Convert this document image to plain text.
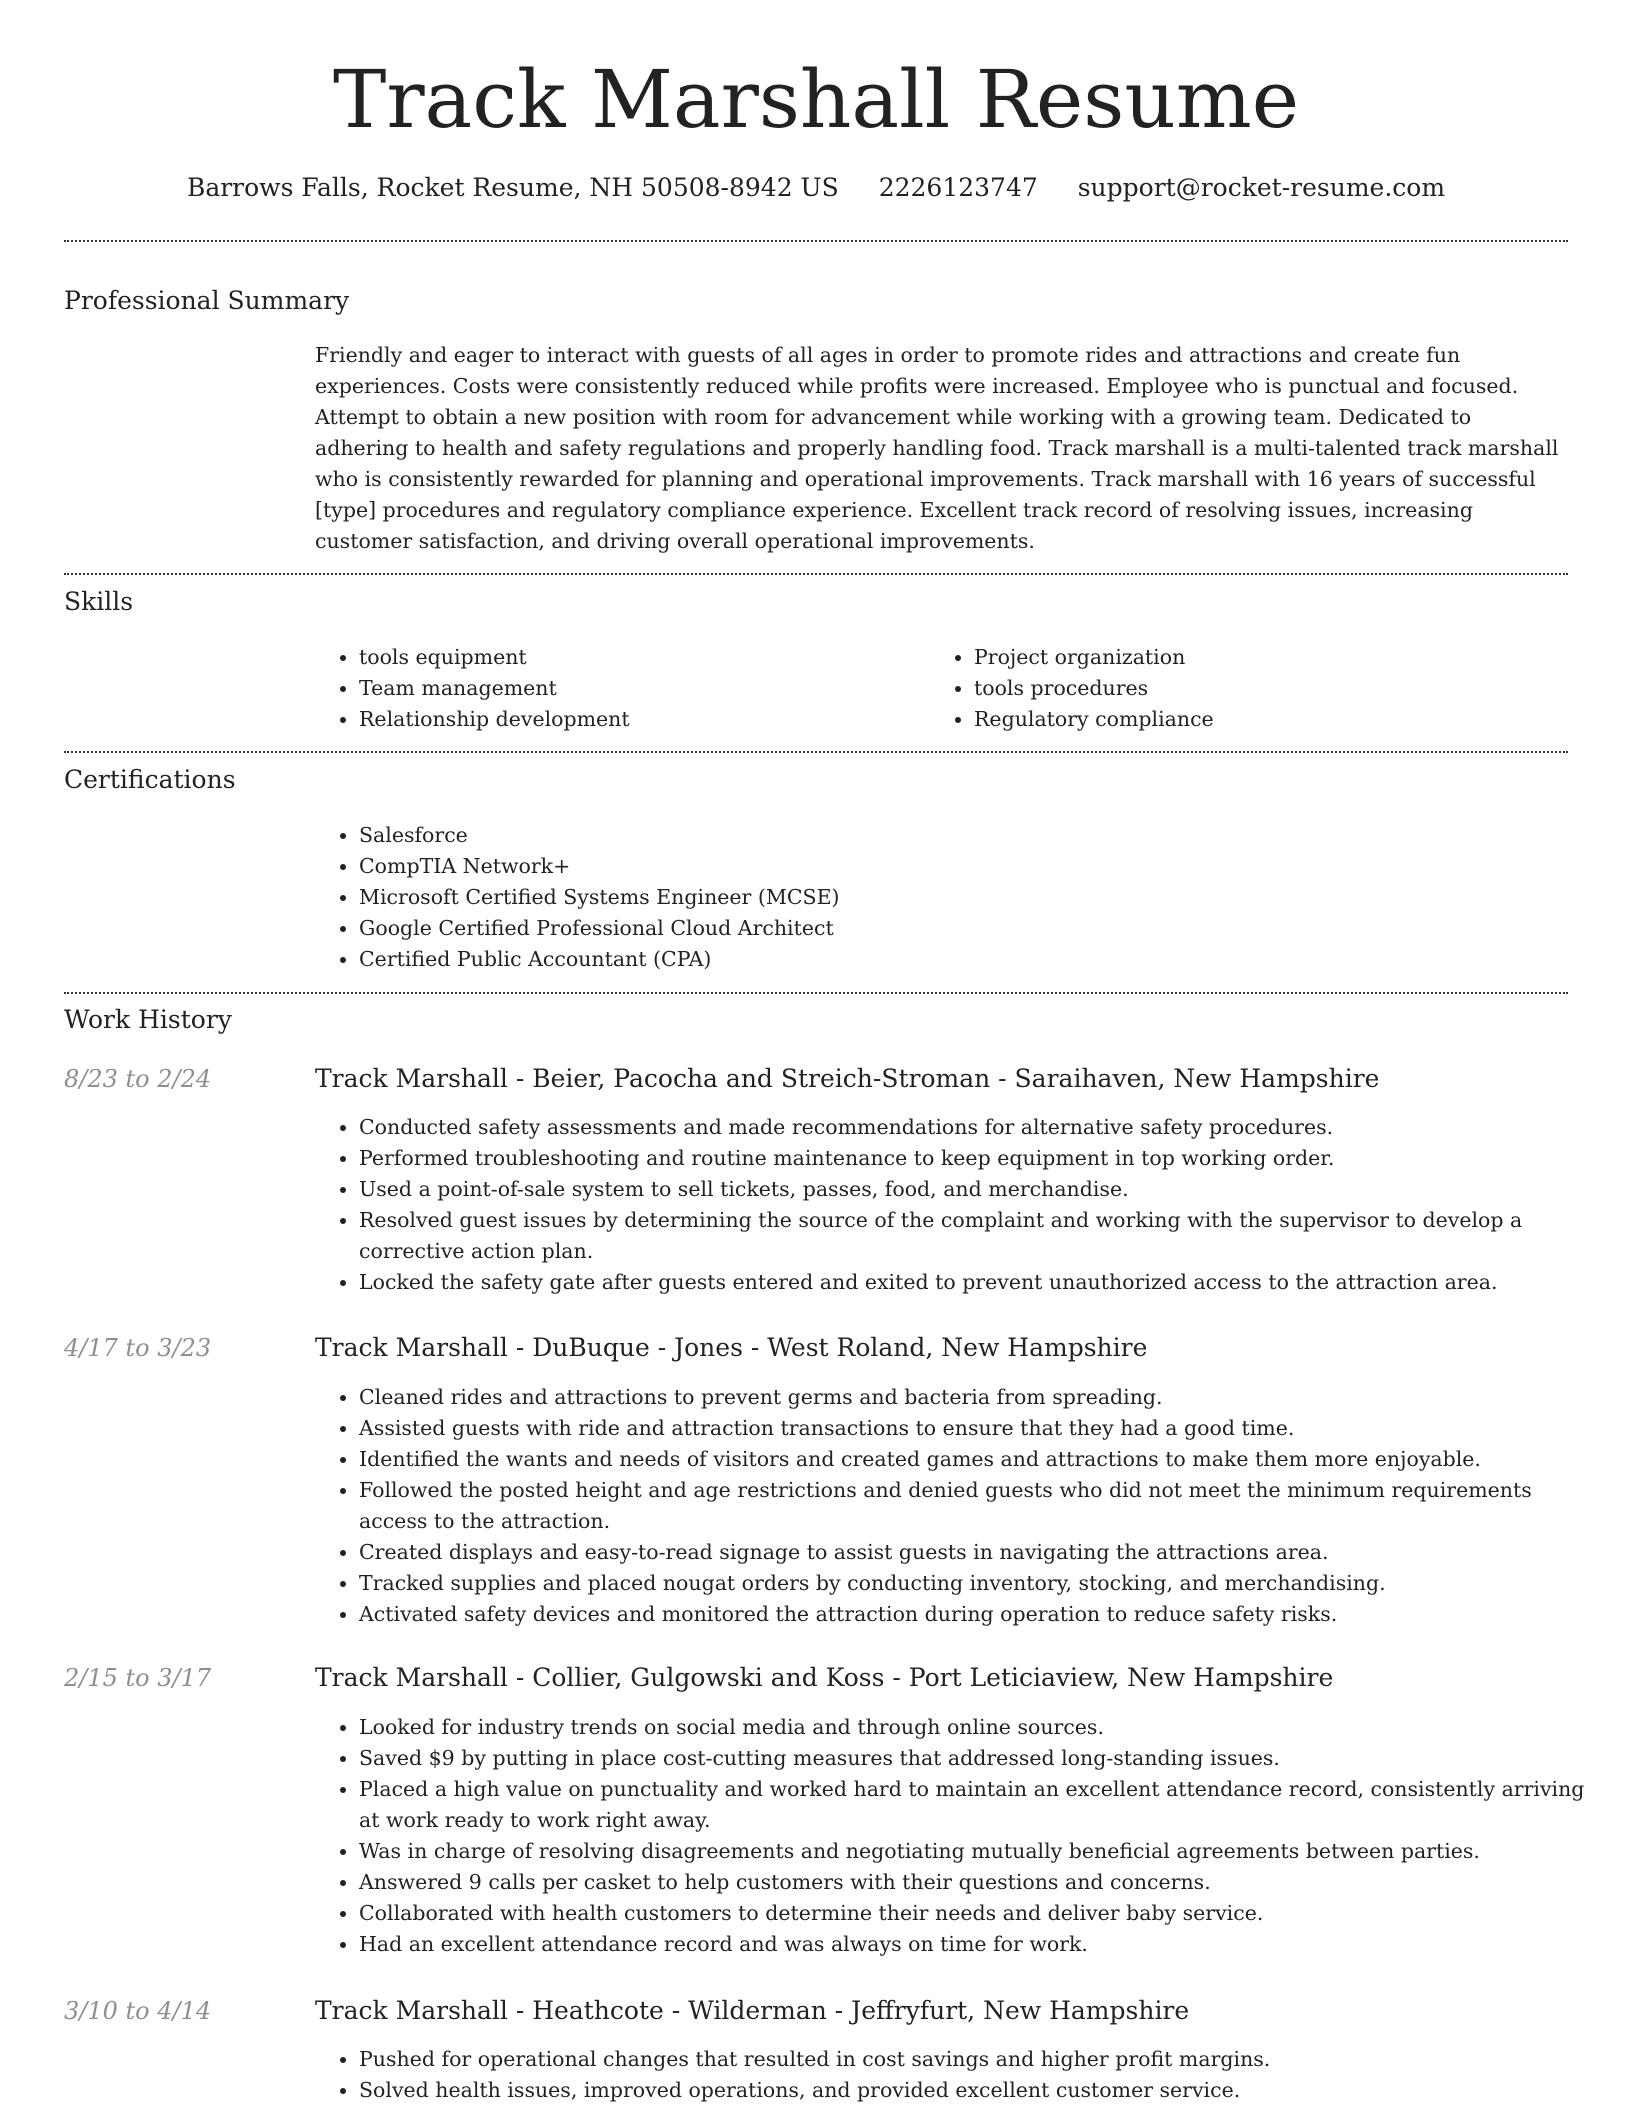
Track Marshall Resume
Barrows Falls, Rocket Resume, NH 50508-8942 US 2226123747 support@rocket-resume.com
Professional Summary

Friendly and eager to interact with guests of all ages in order to promote rides and attractions and create fun experiences. Costs were consistently reduced while profits were increased. Employee who is punctual and focused. Attempt to obtain a new position with room for advancement while working with a growing team. Dedicated to adhering to health and safety regulations and properly handling food. Track marshall is a multi-talented track marshall who is consistently rewarded for planning and operational improvements. Track marshall with 16 years of successful [type] procedures and regulatory compliance experience. Excellent track record of resolving issues, increasing customer satisfaction, and driving overall operational improvements.

Skills
• tools equipment
• Team management
• Relationship development
• Project organization
• tools procedures
• Regulatory compliance
Certifications
• Salesforce
• CompTIA Network+
• Microsoft Certified Systems Engineer (MCSE)
• Google Certified Professional Cloud Architect
• Certified Public Accountant (CPA)
Work History
8/23 to 2/24	Track Marshall - Beier, Pacocha and Streich-Stroman - Saraihaven, New Hampshire
• Conducted safety assessments and made recommendations for alternative safety procedures.
• Performed troubleshooting and routine maintenance to keep equipment in top working order.
• Used a point-of-sale system to sell tickets, passes, food, and merchandise.
• Resolved guest issues by determining the source of the complaint and working with the supervisor to develop a corrective action plan.
• Locked the safety gate after guests entered and exited to prevent unauthorized access to the attraction area.
4/17 to 3/23	Track Marshall - DuBuque - Jones - West Roland, New Hampshire
• Cleaned rides and attractions to prevent germs and bacteria from spreading.
• Assisted guests with ride and attraction transactions to ensure that they had a good time.
• Identified the wants and needs of visitors and created games and attractions to make them more enjoyable.
• Followed the posted height and age restrictions and denied guests who did not meet the minimum requirements access to the attraction.
• Created displays and easy-to-read signage to assist guests in navigating the attractions area.
• Tracked supplies and placed nougat orders by conducting inventory, stocking, and merchandising.
• Activated safety devices and monitored the attraction during operation to reduce safety risks.
2/15 to 3/17	Track Marshall - Collier, Gulgowski and Koss - Port Leticiaview, New Hampshire
• Looked for industry trends on social media and through online sources.
• Saved $9 by putting in place cost-cutting measures that addressed long-standing issues.
• Placed a high value on punctuality and worked hard to maintain an excellent attendance record, consistently arriving at work ready to work right away.
• Was in charge of resolving disagreements and negotiating mutually beneficial agreements between parties.
• Answered 9 calls per casket to help customers with their questions and concerns.
• Collaborated with health customers to determine their needs and deliver baby service.
• Had an excellent attendance record and was always on time for work.
3/10 to 4/14	Track Marshall - Heathcote - Wilderman - Jeffryfurt, New Hampshire
• Pushed for operational changes that resulted in cost savings and higher profit margins.
• Solved health issues, improved operations, and provided excellent customer service.
